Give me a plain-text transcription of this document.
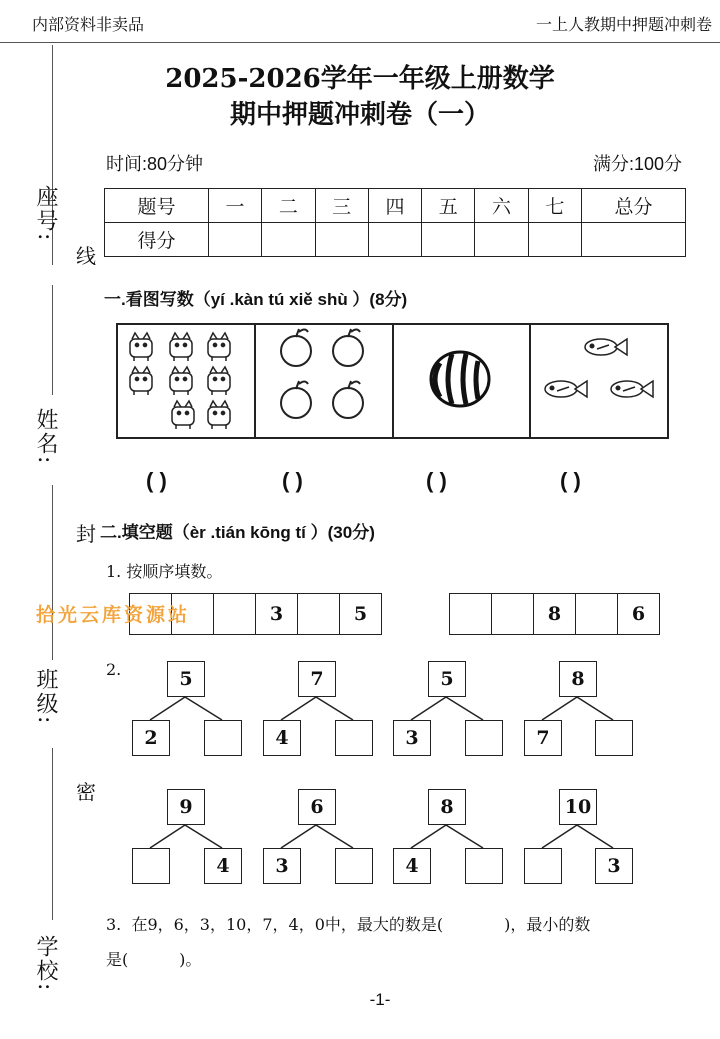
内部资料非卖品	一上人教期中押题冲刺卷
2025-2026学年一年级上册数学
期中押题冲刺卷（一）
时间:80分钟	满分:100分
题号	一	二	三	四	五	六	七	总分
得分								
座号:
姓名:
班级:
学校:
线
封
密
一.看图写数（yí .kàn tú xiě shù ）(8分)
( )	( )	( )	( )
二.填空题（èr .tián kōng tí ）(30分)
1. 按顺序填数。
3	5	8	6
拾光云库资源站
2.	5
2
7
4
5
3
8
7
9
4
6
3
8
4
10
3
3.  在9，6，3，10，7，4，0中，最大的数是(            )，最小的数
是(          )。
-1-
